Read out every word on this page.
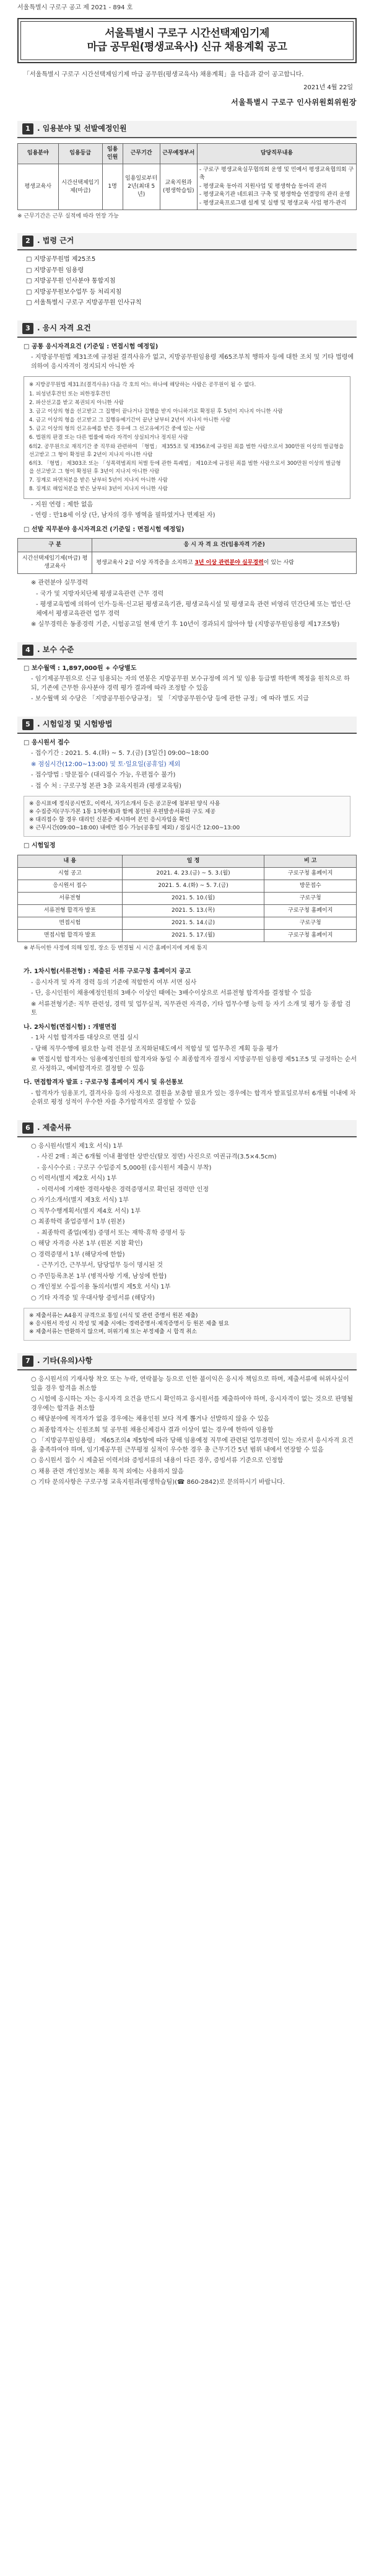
서울특별시 구로구 공고 제 2021 - 894 호
서울특별시 구로구 시간선택제임기제
마급 공무원(평생교육사) 신규 채용계획 공고
「서울특별시 구로구 시간선택제임기제 마급 공무원(평생교육사) 채용계획」을 다음과 같이 공고합니다.
2021년 4월 22일
서울특별시 구로구 인사위원회위원장
1 . 임용분야 및 선발예정인원
임용분야	임용등급	임용인원	근무기간	근무예정부서	담당직무내용
평생교육사	시간선택제임기제(마급)	1명	임용일로부터 2년(최대 5년)	교육지원과(평생학습팀)	- 구로구 평생교육실무협의회 운영 및 민예서 평생교육협의회 구축
- 평생교육 동아리 지원사업 및 평생학습 동아리 관리
- 평생교육기관 네트워크 구축 및 평생학습 연결망의 관리 운영
- 평생교육프로그램 설계 및 실행 및 평생교육 사업 평가·관리
※ 근무기간은 근무 실적에 따라 연장 가능
2 . 법령 근거
□ 지방공무원법 제25조5
□ 지방공무원 임용령
□ 지방공무원 인사분야 통합지침
□ 지방공무원보수업무 등 처리지침
□ 서울특별시 구로구 지방공무원 인사규칙
3 . 응시 자격 요건
□ 공통 응시자격요건 (기준일 : 면접시험 예정일)
- 지방공무원법 제31조에 규정된 결격사유가 없고, 지방공무원임용령 제65조부칙 행하자 등에 대한 조치 및 기타 법령에 의하여 응시자격이 정지되지 아니한 자
※ 지방공무원법 제31조(결격사유) 다음 각 호의 어느 하나에 해당하는 사람은 공무원이 될 수 없다.
1. 피성년후견인 또는 피한정후견인
2. 파산선고를 받고 복권되지 아니한 사람
3. 금고 이상의 형을 선고받고 그 집행이 끝나거나 집행을 받지 아니하기로 확정된 후 5년이 지나지 아니한 사람
4. 금고 이상의 형을 선고받고 그 집행유예기간이 끝난 날부터 2년이 지나지 아니한 사람
5. 금고 이상의 형의 선고유예를 받은 경우에 그 선고유예기간 중에 있는 사람
6. 법원의 판결 또는 다른 법률에 따라 자격이 상실되거나 정지된 사람
6의2. 공무원으로 재직기간 중 직무와 관련하여 「형법」 제355조 및 제356조에 규정된 죄를 범한 사람으로서 300만원 이상의 벌금형을 선고받고 그 형이 확정된 후 2년이 지나지 아니한 사람
6의3. 「형법」 제303조 또는 「성폭력범죄의 처벌 등에 관한 특례법」 제10조에 규정된 죄를 범한 사람으로서 300만원 이상의 벌금형을 선고받고 그 형이 확정된 후 3년이 지나지 아니한 사람
7. 징계로 파면처분을 받은 날부터 5년이 지나지 아니한 사람
8. 징계로 해임처분을 받은 날부터 3년이 지나지 아니한 사람
- 지원 연령 : 제한 없음
- 연령 : 만18세 이상 (단, 남자의 경우 병역을 필하였거나 면제된 자)
□ 선발 직무분야 응시자격요건 (기준일 : 면접시험 예정일)
구 분	응 시 자 격 요 건(임용자격 기준)
시간선택제임기제(마급) 평생교육사	평생교육사 2급 이상 자격증을 소지하고 3년 이상 관련분야 실무경력이 있는 사람
※ 관련분야 실무경력
- 국가 및 지방자치단체 평생교육관련 근무 경력
- 평생교육법에 의하여 인가·등록·신고된 평생교육기관, 평생교육시설 및 평생교육 관련 비영리 민간단체 또는 법인·단체에서 평생교육관련 업무 경력
※ 실무경력은 동종경력 기준, 시험공고일 현재 만기 후 10년이 경과되지 않아야 함 (지방공무원임용령 제17조5항)
4 . 보수 수준
□ 보수월액 : 1,897,000원 + 수당별도
- 임기제공무원으로 신규 임용되는 자의 연봉은 지방공무원 보수규정에 의거 및 임용 등급별 하한액 책정을 원칙으로 하되, 기존에 근무한 유사분야 경력 평가 결과에 따라 조정할 수 있음
- 보수월액 외 수당은 「지방공무원수당규정」 및 「지방공무원수당 등에 관한 규정」에 따라 별도 지급
5 . 시험일정 및 시험방법
□ 응시원서 접수
- 접수기간 : 2021. 5. 4.(화) ~ 5. 7.(금) [3일간] 09:00~18:00
※ 점심시간(12:00~13:00) 및 토·일요일(공휴일) 제외
- 접수방법 : 방문접수 (대리접수 가능, 우편접수 불가)
- 접 수 처 : 구로구청 본관 3층 교육지원과 (평생교육팀)
※ 응시표에 정식공시번호, 이력서, 자기소개서 등은 공고문에 첨부된 양식 사용
※ 수집증지(구두가본 1통 1차현재)과 함께 봉인된 우편발송서류와 구도 제공
※ 대리접수 할 경우 대리인 신분증 제시하여 본인 응시자임을 확인
※ 근무시간(09:00~18:00) 내에만 접수 가능(공휴일 제외) / 점심시간 12:00~13:00
□ 시험일정
내 용	일 정	비 고
시험 공고	2021. 4. 23.(금) ~ 5. 3.(월)	구로구청 홈페이지
응시원서 접수	2021. 5. 4.(화) ~ 5. 7.(금)	방문접수
서류전형	2021. 5. 10.(월)	구로구청
서류전형 합격자 발표	2021. 5. 13.(목)	구로구청 홈페이지
면접시험	2021. 5. 14.(금)	구로구청
면접시험 합격자 발표	2021. 5. 17.(월)	구로구청 홈페이지
※ 부득이한 사정에 의해 일정, 장소 등 변경될 시 시간 홈페이지에 게재 통지
가. 1차시험(서류전형) : 제출된 서류 구로구청 홈페이지 공고
- 응시자격 및 자격 경력 등의 기준에 적합한지 여부 서면 심사
- 단, 응시인원이 채용예정인원의 3배수 이상인 때에는 3배수이상으로 서류전형 합격자를 결정할 수 있음
※ 서류전형기준: 직무 관련성, 경력 및 업무실적, 직무관련 자격증, 기타 업무수행 능력 등 자기 소개 및 평가 등 종합 검토
나. 2차시험(면접시험) : 개별면접
- 1차 시험 합격자를 대상으로 면접 실시
- 당해 직무수행에 필요한 능력 전문성 조직화된태도에서 적합성 및 업무추진 계획 등을 평가
※ 면접시험 합격자는 임용예정인원의 합격자와 동일 수 최종합격자 결정시 지방공무원 임용령 제51조5 및 규정하는 순서로 사정하고, 예비합격자로 결정할 수 있음
다. 면접합격자 발표 : 구로구청 홈페이지 게시 및 유선통보
- 합격자가 임용포기, 결격사유 등의 사정으로 결원을 보충할 필요가 있는 경우에는 합격자 발표일로부터 6개월 이내에 차 순위로 평정 성적이 우수한 자를 추가합격자로 결정할 수 있음
6 . 제출서류
○ 응시원서(별지 제1호 서식) 1부
- 사진 2매 : 최근 6개월 이내 촬영한 상반신(탈모 정면) 사진으로 여권규격(3.5×4.5cm)
- 응시수수료 : 구로구 수입증지 5,000원 (응시원서 제출시 부착)
○ 이력서(별지 제2호 서식) 1부
- 이력서에 기재한 경력사항은 경력증명서로 확인된 경력만 인정
○ 자기소개서(별지 제3호 서식) 1부
○ 직무수행계획서(별지 제4호 서식) 1부
○ 최종학력 졸업증명서 1부 (원본)
- 최종학력 졸업(예정) 증명서 또는 재학·휴학 증명서 등
○ 해당 자격증 사본 1부 (원본 지참 확인)
○ 경력증명서 1부 (해당자에 한함)
- 근무기간, 근무부서, 담당업무 등이 명시된 것
○ 주민등록초본 1부 (병적사항 기재, 남성에 한함)
○ 개인정보 수집·이용 동의서(별지 제5호 서식) 1부
○ 기타 자격증 및 우대사항 증빙서류 (해당자)
※ 제출서류는 A4용지 규격으로 통일 (서식 및 관련 증명서 원본 제출)
※ 응시원서 작성 시 작성 및 제출 시에는 경력증명서·재직증명서 등 원본 제출 필요
※ 제출서류는 반환하지 않으며, 허위기재 또는 부정제출 시 합격 취소
7 . 기타(유의)사항
○ 응시원서의 기재사항 착오 또는 누락, 연락불능 등으로 인한 불이익은 응시자 책임으로 하며, 제출서류에 허위사실이 있을 경우 합격을 취소함
○ 시험에 응시하는 자는 응시자격 요건을 반드시 확인하고 응시원서를 제출하여야 하며, 응시자격이 없는 것으로 판명될 경우에는 합격을 취소함
○ 해당분야에 적격자가 없을 경우에는 채용인원 보다 적게 뽑거나 선발하지 않을 수 있음
○ 최종합격자는 신원조회 및 공무원 채용신체검사 결과 이상이 없는 경우에 한하여 임용함
○ 「지방공무원임용령」 제65조의4 제5항에 따라 당해 임용예정 직무에 관련된 업무경력이 있는 자로서 응시자격 요건을 충족하여야 하며, 임기제공무원 근무평정 실적이 우수한 경우 총 근무기간 5년 범위 내에서 연장할 수 있음
○ 응시원서 접수 시 제출된 이력서와 증빙서류의 내용이 다른 경우, 증빙서류 기준으로 인정함
○ 채용 관련 개인정보는 채용 목적 외에는 사용하지 않음
○ 기타 문의사항은 구로구청 교육지원과(평생학습팀)(☎ 860-2842)로 문의하시기 바랍니다.
